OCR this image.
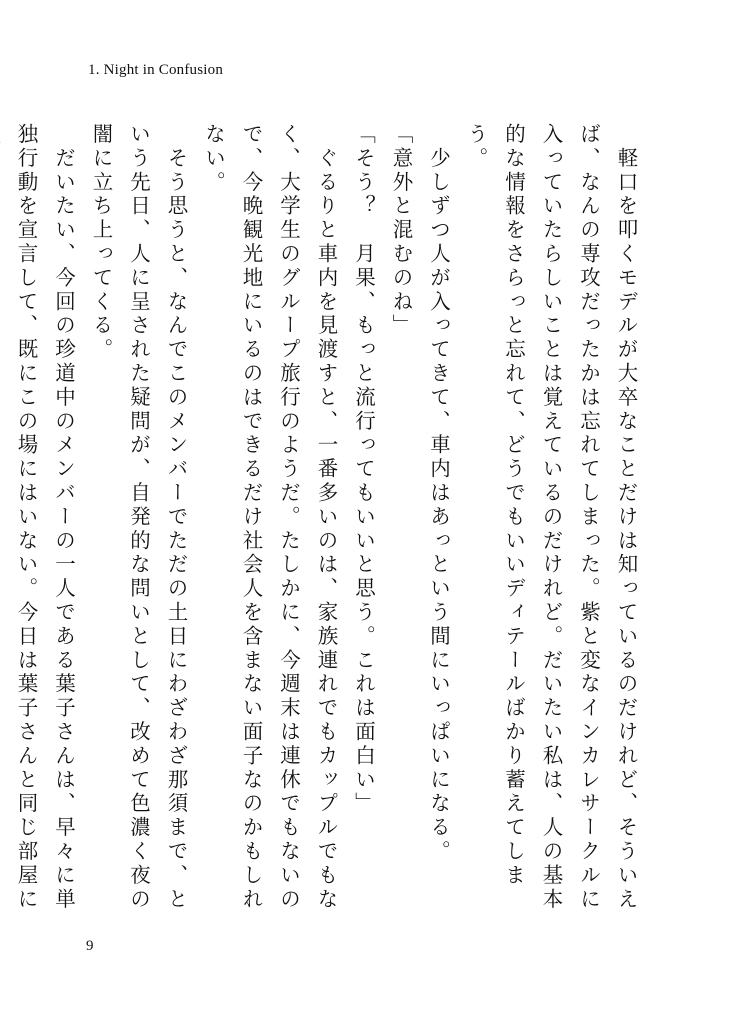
1. Night in Confusion

　軽口を叩くモデルが大卒なことだけは知っているのだけれど、そういえば、なんの専攻だったかは忘れてしまった。紫と変なインカレサークルに入っていたらしいことは覚えているのだけれど。だいたい私は、人の基本的な情報をさらっと忘れて、どうでもいいディテールばかり蓄えてしまう。

　少しずつ人が入ってきて、車内はあっという間にいっぱいになる。

「意外と混むのね」

「そう？　月果、もっと流行ってもいいと思う。これは面白い」

　ぐるりと車内を見渡すと、一番多いのは、家族連れでもカップルでもなく、大学生のグループ旅行のようだ。たしかに、今週末は連休でもないので、今晩観光地にいるのはできるだけ社会人を含まない面子なのかもしれない。

　そう思うと、なんでこのメンバーでただの土日にわざわざ那須まで、という先日、人に呈された疑問が、自発的な問いとして、改めて色濃く夜の闇に立ち上ってくる。

　だいたい、今回の珍道中のメンバーの一人である葉子さんは、早々に単独行動を宣言して、既にこの場にはいない。今日は葉子さんと同じ部屋に

9
